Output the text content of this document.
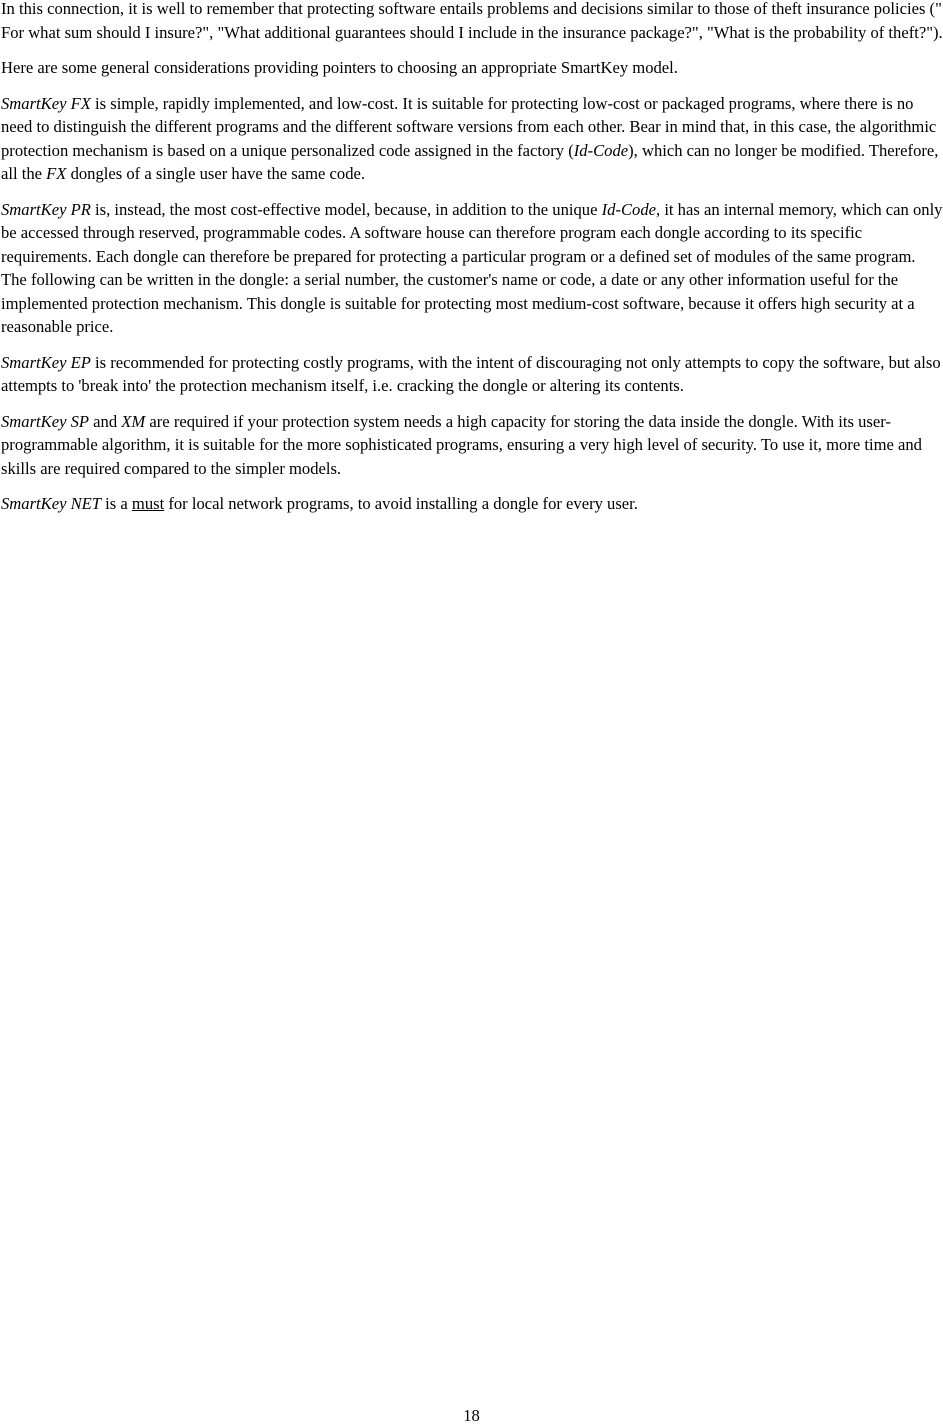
In this connection, it is well to remember that protecting software entails problems and decisions similar to those of theft insurance policies (" For what sum should I insure?", "What additional guarantees should I include in the insurance package?", "What is the probability of theft?").

Here are some general considerations providing pointers to choosing an appropriate SmartKey model.

SmartKey FX is simple, rapidly implemented, and low-cost. It is suitable for protecting low-cost or packaged programs, where there is no need to distinguish the different programs and the different software versions from each other. Bear in mind that, in this case, the algorithmic protection mechanism is based on a unique personalized code assigned in the factory (Id-Code), which can no longer be modified. Therefore, all the FX dongles of a single user have the same code.

SmartKey PR is, instead, the most cost-effective model, because, in addition to the unique Id-Code, it has an internal memory, which can only be accessed through reserved, programmable codes. A software house can therefore program each dongle according to its specific requirements. Each dongle can therefore be prepared for protecting a particular program or a defined set of modules of the same program. The following can be written in the dongle: a serial number, the customer's name or code, a date or any other information useful for the implemented protection mechanism. This dongle is suitable for protecting most medium-cost software, because it offers high security at a reasonable price.

SmartKey EP is recommended for protecting costly programs, with the intent of discouraging not only attempts to copy the software, but also attempts to 'break into' the protection mechanism itself, i.e. cracking the dongle or altering its contents.

SmartKey SP and XM are required if your protection system needs a high capacity for storing the data inside the dongle. With its user-programmable algorithm, it is suitable for the more sophisticated programs, ensuring a very high level of security. To use it, more time and skills are required compared to the simpler models.

SmartKey NET is a must for local network programs, to avoid installing a dongle for every user.

18
